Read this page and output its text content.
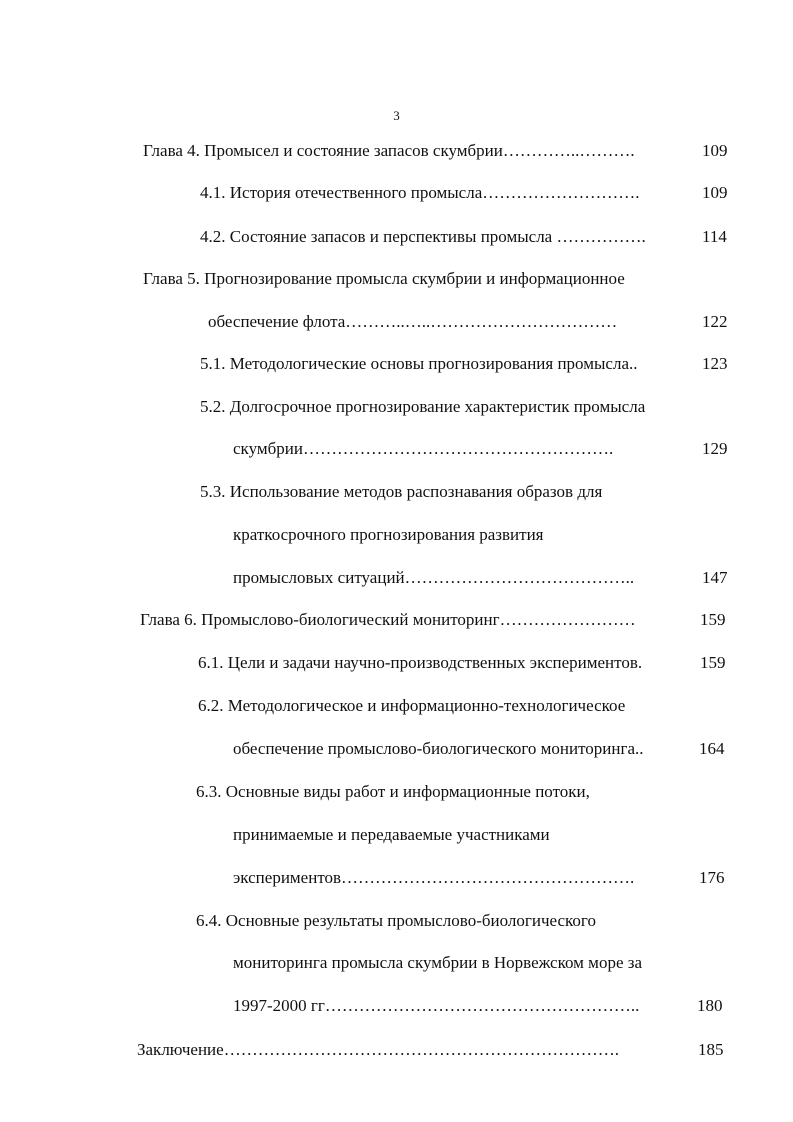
3
Глава 4. Промысел и состояние запасов скумбрии…………..……….	109
4.1. История отечественного промысла……………………….	109
4.2. Состояние запасов и перспективы промысла …………….	114
Глава 5. Прогнозирование промысла скумбрии и информационное
обеспечение флота………..…..……………………………	122
5.1. Методологические основы прогнозирования промысла..	123
5.2. Долгосрочное прогнозирование характеристик промысла
скумбрии……………………………………………….	129
5.3. Использование методов распознавания образов для
краткосрочного прогнозирования развития
промысловых ситуаций…………………………………..	147
Глава 6. Промыслово-биологический мониторинг……………………	159
6.1. Цели и задачи научно-производственных экспериментов.	159
6.2. Методологическое и информационно-технологическое
обеспечение промыслово-биологического мониторинга..	164
6.3. Основные виды работ и информационные потоки,
принимаемые и передаваемые участниками
экспериментов…………………………………………….	176
6.4. Основные результаты промыслово-биологического
мониторинга промысла скумбрии в Норвежском море за
1997-2000 гг………………………………………………..	180
Заключение…………………………………………………………….	185
